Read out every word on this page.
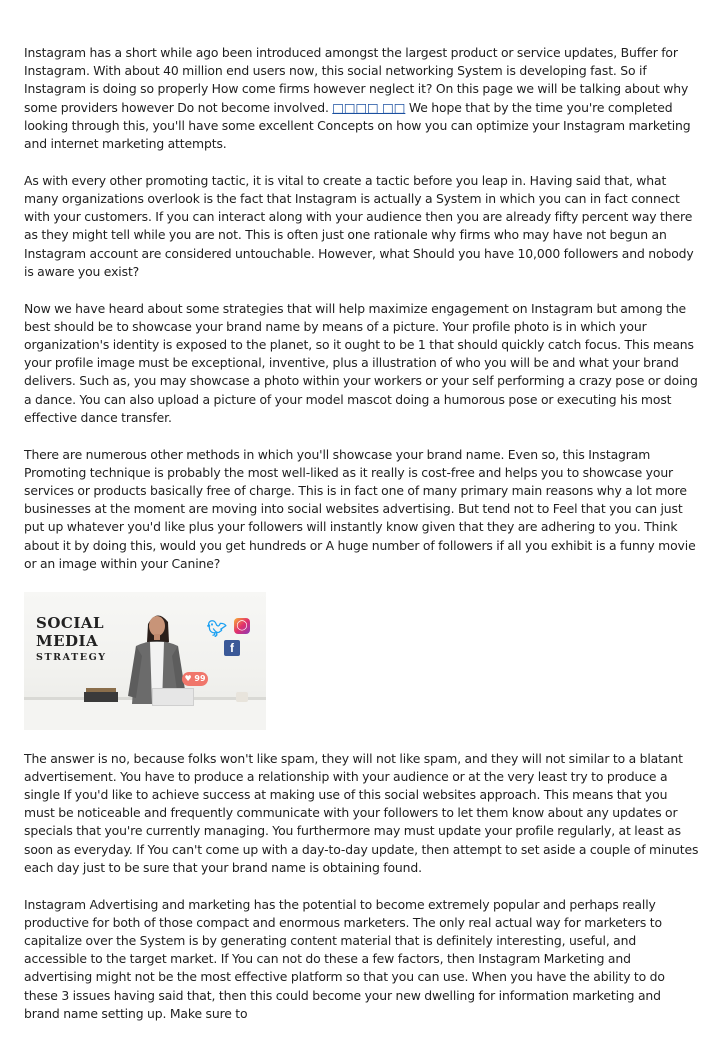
Instagram has a short while ago been introduced amongst the largest product or service updates, Buffer for Instagram. With about 40 million end users now, this social networking System is developing fast. So if Instagram is doing so properly How come firms however neglect it? On this page we will be talking about why some providers however Do not become involved. □□□□ □□ We hope that by the time you're completed looking through this, you'll have some excellent Concepts on how you can optimize your Instagram marketing and internet marketing attempts.

As with every other promoting tactic, it is vital to create a tactic before you leap in. Having said that, what many organizations overlook is the fact that Instagram is actually a System in which you can in fact connect with your customers. If you can interact along with your audience then you are already fifty percent way there as they might tell while you are not. This is often just one rationale why firms who may have not begun an Instagram account are considered untouchable. However, what Should you have 10,000 followers and nobody is aware you exist?

Now we have heard about some strategies that will help maximize engagement on Instagram but among the best should be to showcase your brand name by means of a picture. Your profile photo is in which your organization's identity is exposed to the planet, so it ought to be 1 that should quickly catch focus. This means your profile image must be exceptional, inventive, plus a illustration of who you will be and what your brand delivers. Such as, you may showcase a photo within your workers or your self performing a crazy pose or doing a dance. You can also upload a picture of your model mascot doing a humorous pose or executing his most effective dance transfer.

There are numerous other methods in which you'll showcase your brand name. Even so, this Instagram Promoting technique is probably the most well-liked as it really is cost-free and helps you to showcase your services or products basically free of charge. This is in fact one of many primary main reasons why a lot more businesses at the moment are moving into social websites advertising. But tend not to Feel that you can just put up whatever you'd like plus your followers will instantly know given that they are adhering to you. Think about it by doing this, would you get hundreds or A huge number of followers if all you exhibit is a funny movie or an image within your Canine?

SOCIAL
MEDIA
STRATEGY
🐦︎ ◯
f
♥ 99

The answer is no, because folks won't like spam, they will not like spam, and they will not similar to a blatant advertisement. You have to produce a relationship with your audience or at the very least try to produce a single If you'd like to achieve success at making use of this social websites approach. This means that you must be noticeable and frequently communicate with your followers to let them know about any updates or specials that you're currently managing. You furthermore may must update your profile regularly, at least as soon as everyday. If You can't come up with a day-to-day update, then attempt to set aside a couple of minutes each day just to be sure that your brand name is obtaining found.

Instagram Advertising and marketing has the potential to become extremely popular and perhaps really productive for both of those compact and enormous marketers. The only real actual way for marketers to capitalize over the System is by generating content material that is definitely interesting, useful, and accessible to the target market. If You can not do these a few factors, then Instagram Marketing and advertising might not be the most effective platform so that you can use. When you have the ability to do these 3 issues having said that, then this could become your new dwelling for information marketing and brand name setting up. Make sure to
